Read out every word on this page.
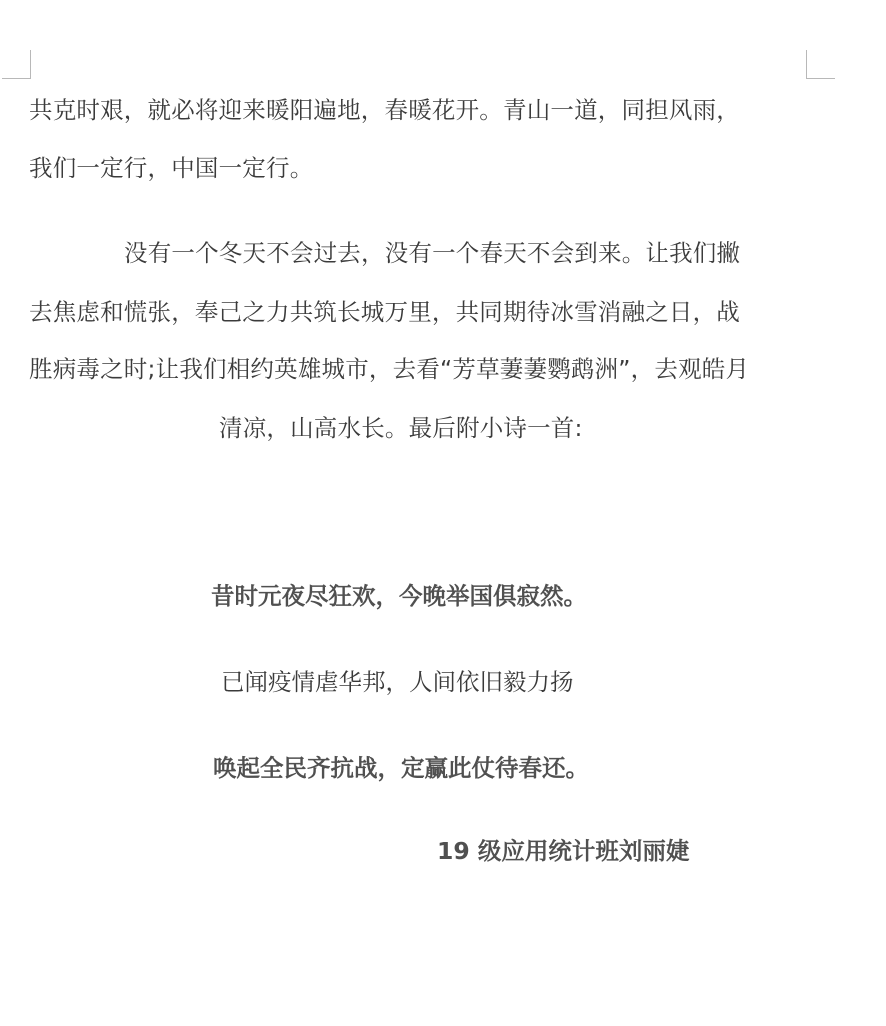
共克时艰，就必将迎来暖阳遍地，春暖花开。青山一道，同担风雨，
我们一定行，中国一定行。
没有一个冬天不会过去，没有一个春天不会到来。让我们撇
去焦虑和慌张，奉己之力共筑长城万里，共同期待冰雪消融之日，战
胜病毒之时;让我们相约英雄城市，去看“芳草萋萋鹦鹉洲”，去观皓月
清凉，山高水长。最后附小诗一首:
昔时元夜尽狂欢，今晚举国俱寂然。
已闻疫情虐华邦，人间依旧毅力扬
唤起全民齐抗战，定赢此仗待春还。
19 级应用统计班刘丽婕
